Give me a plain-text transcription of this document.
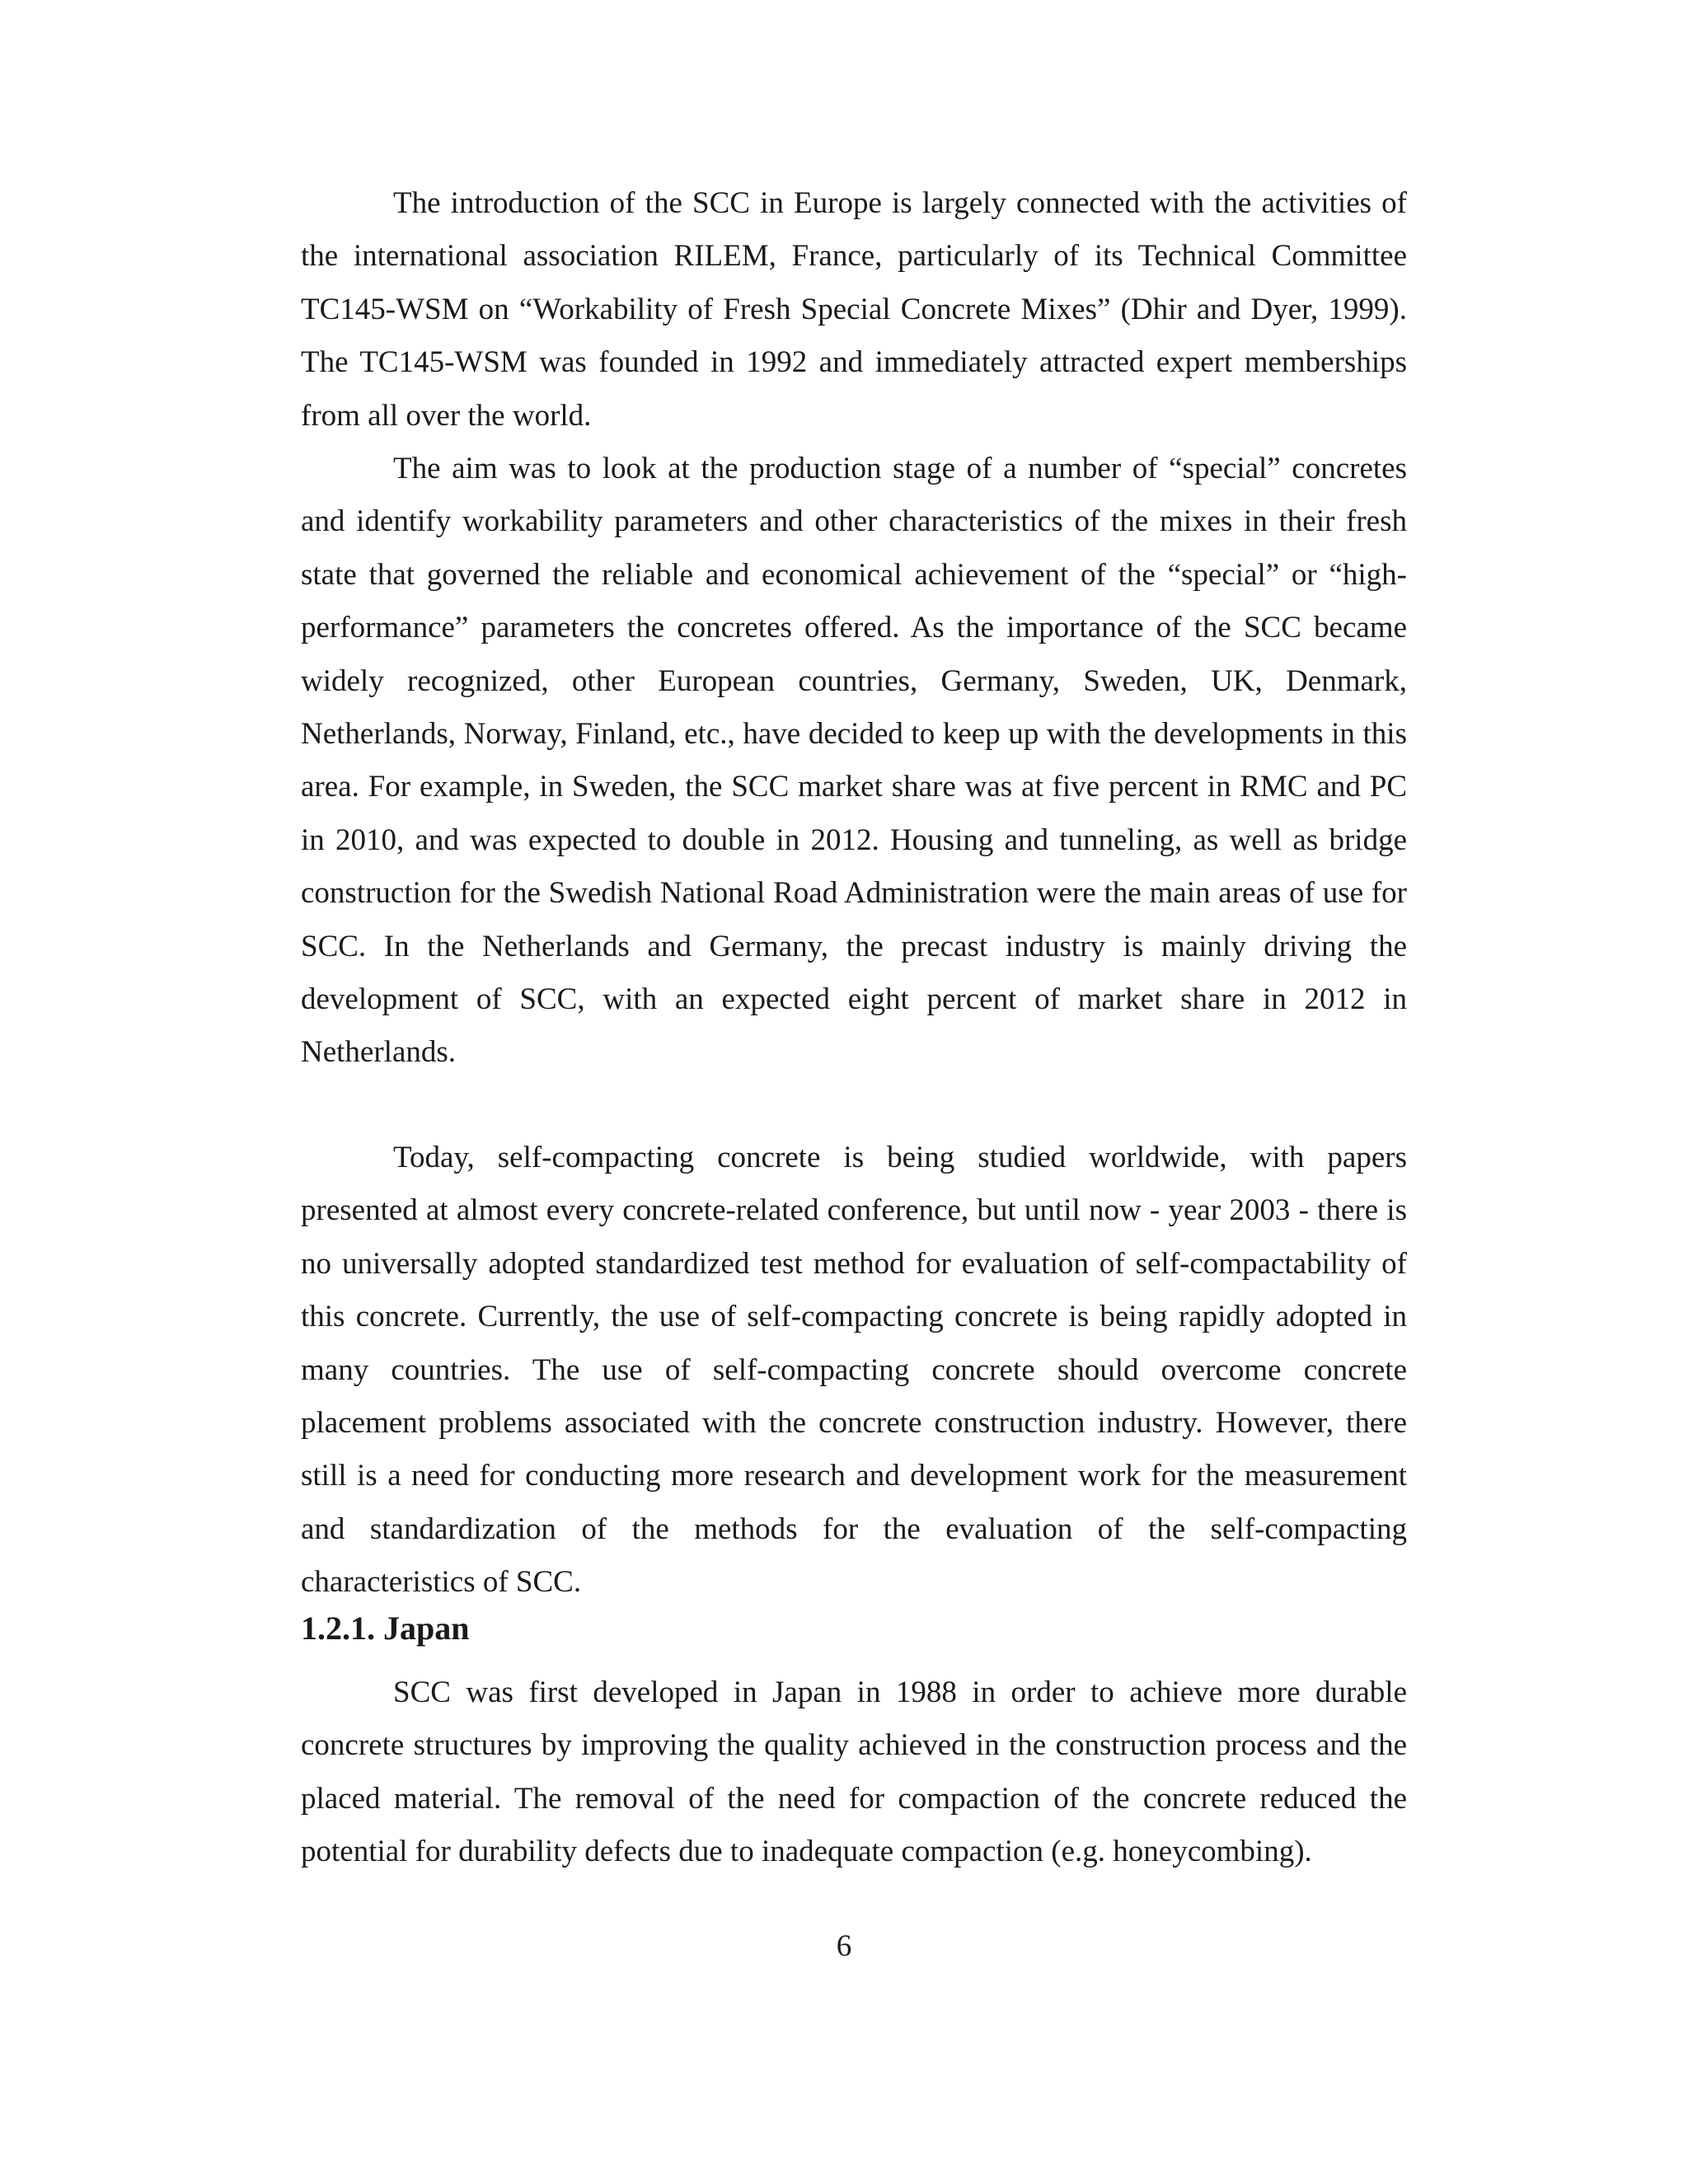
The introduction of the SCC in Europe is largely connected with the activities of the international association RILEM, France, particularly of its Technical Committee TC145-WSM on “Workability of Fresh Special Concrete Mixes” (Dhir and Dyer, 1999). The TC145-WSM was founded in 1992 and immediately attracted expert memberships from all over the world.

The aim was to look at the production stage of a number of “special” concretes and identify workability parameters and other characteristics of the mixes in their fresh state that governed the reliable and economical achievement of the “special” or “high-performance” parameters the concretes offered. As the importance of the SCC became widely recognized, other European countries, Germany, Sweden, UK, Denmark, Netherlands, Norway, Finland, etc., have decided to keep up with the developments in this area. For example, in Sweden, the SCC market share was at five percent in RMC and PC in 2010, and was expected to double in 2012. Housing and tunneling, as well as bridge construction for the Swedish National Road Administration were the main areas of use for SCC. In the Netherlands and Germany, the precast industry is mainly driving the development of SCC, with an expected eight percent of market share in 2012 in Netherlands.

Today, self-compacting concrete is being studied worldwide, with papers presented at almost every concrete-related conference, but until now - year 2003 - there is no universally adopted standardized test method for evaluation of self-compactability of this concrete. Currently, the use of self-compacting concrete is being rapidly adopted in many countries. The use of self-compacting concrete should overcome concrete placement problems associated with the concrete construction industry. However, there still is a need for conducting more research and development work for the measurement and standardization of the methods for the evaluation of the self-compacting characteristics of SCC.

1.2.1. Japan

SCC was first developed in Japan in 1988 in order to achieve more durable concrete structures by improving the quality achieved in the construction process and the placed material. The removal of the need for compaction of the concrete reduced the potential for durability defects due to inadequate compaction (e.g. honeycombing).

6
